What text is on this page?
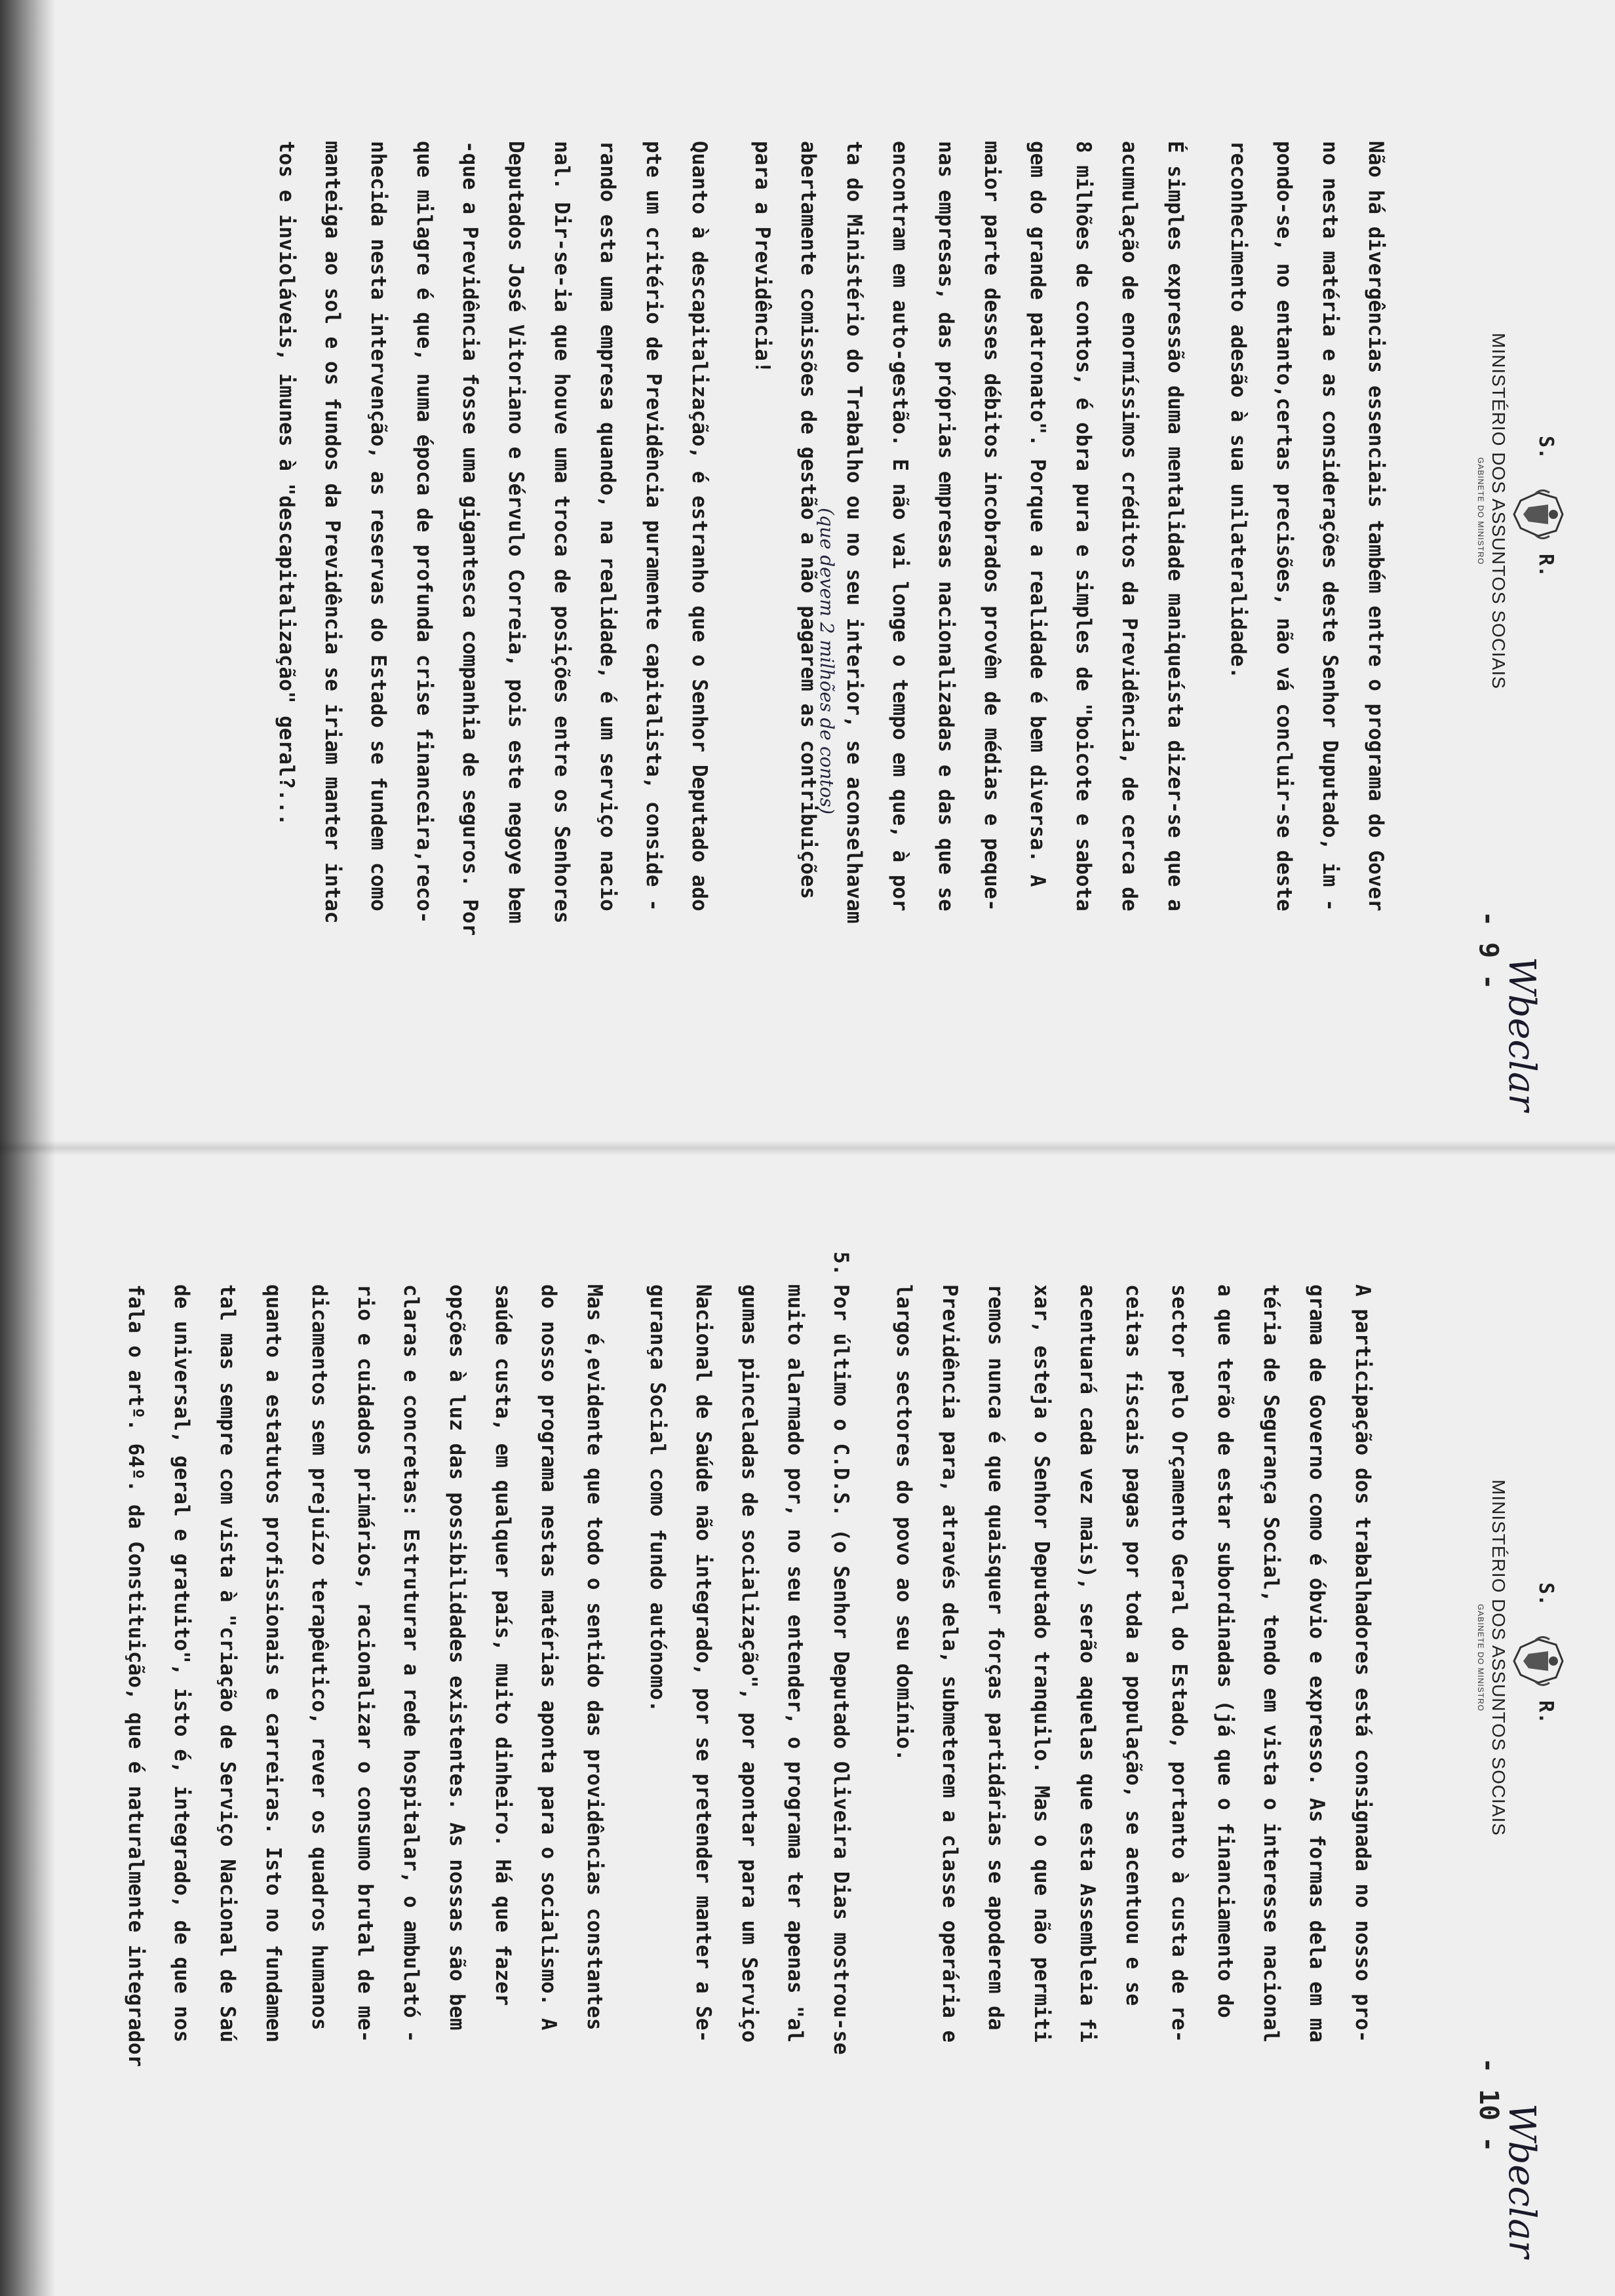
S.
R.
MINISTÉRIO DOS ASSUNTOS SOCIAIS
GABINETE DO MINISTRO
- 9 -
Wbeclar

Não há divergências essenciais também entre o programa do Gover
no nesta matéria e as considerações deste Senhor Duputado, im -
pondo-se, no entanto,certas precisões, não vá concluir-se deste
reconhecimento adesão à sua unilateralidade.

É simples expressão duma mentalidade maniqueísta dizer-se que a
acumulação de enormíssimos créditos da Previdência, de cerca de
8 milhões de contos, é obra pura e simples de "boicote e sabota
gem do grande patronato". Porque a realidade é bem diversa. A
maior parte desses débitos incobrados provêm de médias e peque-
nas empresas, das próprias empresas nacionalizadas e das que se
encontram em auto-gestão. E não vai longe o tempo em que, à por
ta do Ministério do Trabalho ou no seu interior, se aconselhavam
abertamente comissões de gestão a não pagarem as contribuições
para a Previdência!

Quanto à descapitalização, é estranho que o Senhor Deputado ado
pte um critério de Previdência puramente capitalista, conside -
rando esta uma empresa quando, na realidade, é um serviço nacio
nal. Dir-se-ia que houve uma troca de posições entre os Senhores
Deputados José Vitoriano e Sérvulo Correia, pois este negoye bem
-que a Previdência fosse uma gigantesca companhia de seguros. Por
que milagre é que, numa época de profunda crise financeira,reco-
nhecida nesta intervenção, as reservas do Estado se fundem como
manteiga ao sol e os fundos da Previdência se iriam manter intac
tos e invioláveis, imunes à "descapitalização" geral?...	(que devem 2 milhões de contos)
S.
R.
MINISTÉRIO DOS ASSUNTOS SOCIAIS
GABINETE DO MINISTRO
- 10 -
Wbeclar

A participação dos trabalhadores está consignada no nosso pro-
grama de Governo como é óbvio e expresso. As formas dela em ma
téria de Segurança Social, tendo em vista o interesse nacional
a que terão de estar subordinadas (já que o financiamento do
sector pelo Orçamento Geral do Estado, portanto à custa de re-
ceitas fiscais pagas por toda a população, se acentuou e se
acentuará cada vez mais), serão aquelas que esta Assembleia fi
xar, esteja o Senhor Deputado tranquilo. Mas o que não permiti
remos nunca é que quaisquer forças partidárias se apoderem da
Previdência para, através dela, submeterem a classe operária e
largos sectores do povo ao seu domínio.

5.
Por último o C.D.S. (o Senhor Deputado Oliveira Dias mostrou-se
muito alarmado por, no seu entender, o programa ter apenas "al
gumas pinceladas de socialização", por apontar para um Serviço
Nacional de Saúde não integrado, por se pretender manter a Se-
gurança Social como fundo autónomo.

Mas é,evidente que todo o sentido das providências constantes
do nosso programa nestas matérias aponta para o socialismo. A
saúde custa, em qualquer país, muito dinheiro. Há que fazer
opções à luz das possibilidades existentes. As nossas são bem
claras e concretas: Estruturar a rede hospitalar, o ambulató -
rio e cuidados primários, racionalizar o consumo brutal de me-
dicamentos sem prejuízo terapêutico, rever os quadros humanos
quanto a estatutos profissionais e carreiras. Isto no fundamen
tal mas sempre com vista à "criação de Serviço Nacional de Saú
de universal, geral e gratuito", isto é, integrado, de que nos
fala o artº. 64º. da Constituição, que é naturalmente integrador
